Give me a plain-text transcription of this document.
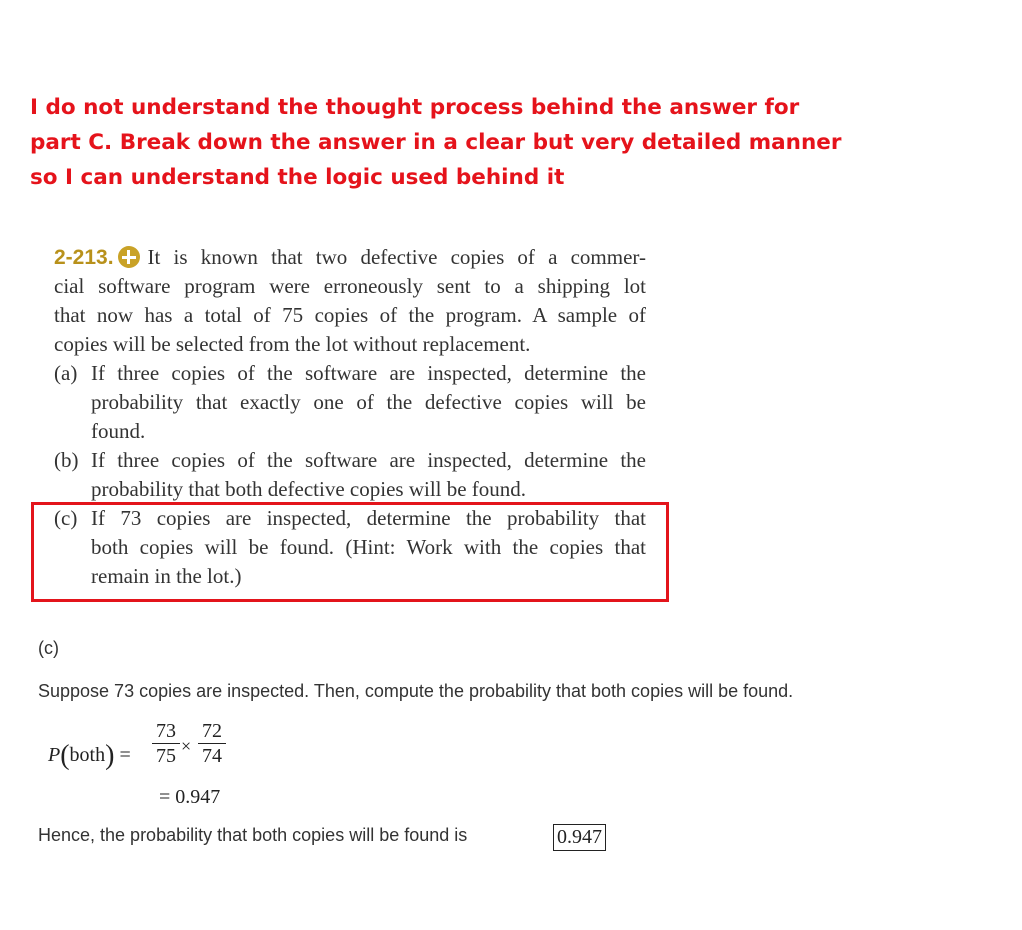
I do not understand the thought process behind the answer for
part C. Break down the answer in a clear but very detailed manner
so I can understand the logic used behind it
2-213. It is known that two defective copies of a commer-
cial software program were erroneously sent to a shipping lot
that now has a total of 75 copies of the program. A sample of
copies will be selected from the lot without replacement.
(a) If three copies of the software are inspected, determine the
probability that exactly one of the defective copies will be
found.
(b) If three copies of the software are inspected, determine the
probability that both defective copies will be found.
(c) If 73 copies are inspected, determine the probability that
both copies will be found. (Hint: Work with the copies that
remain in the lot.)
(c)
Suppose 73 copies are inspected. Then, compute the probability that both copies will be found.
P(both) =
73
75 ×
72
74
= 0.947
Hence, the probability that both copies will be found is	0.947
